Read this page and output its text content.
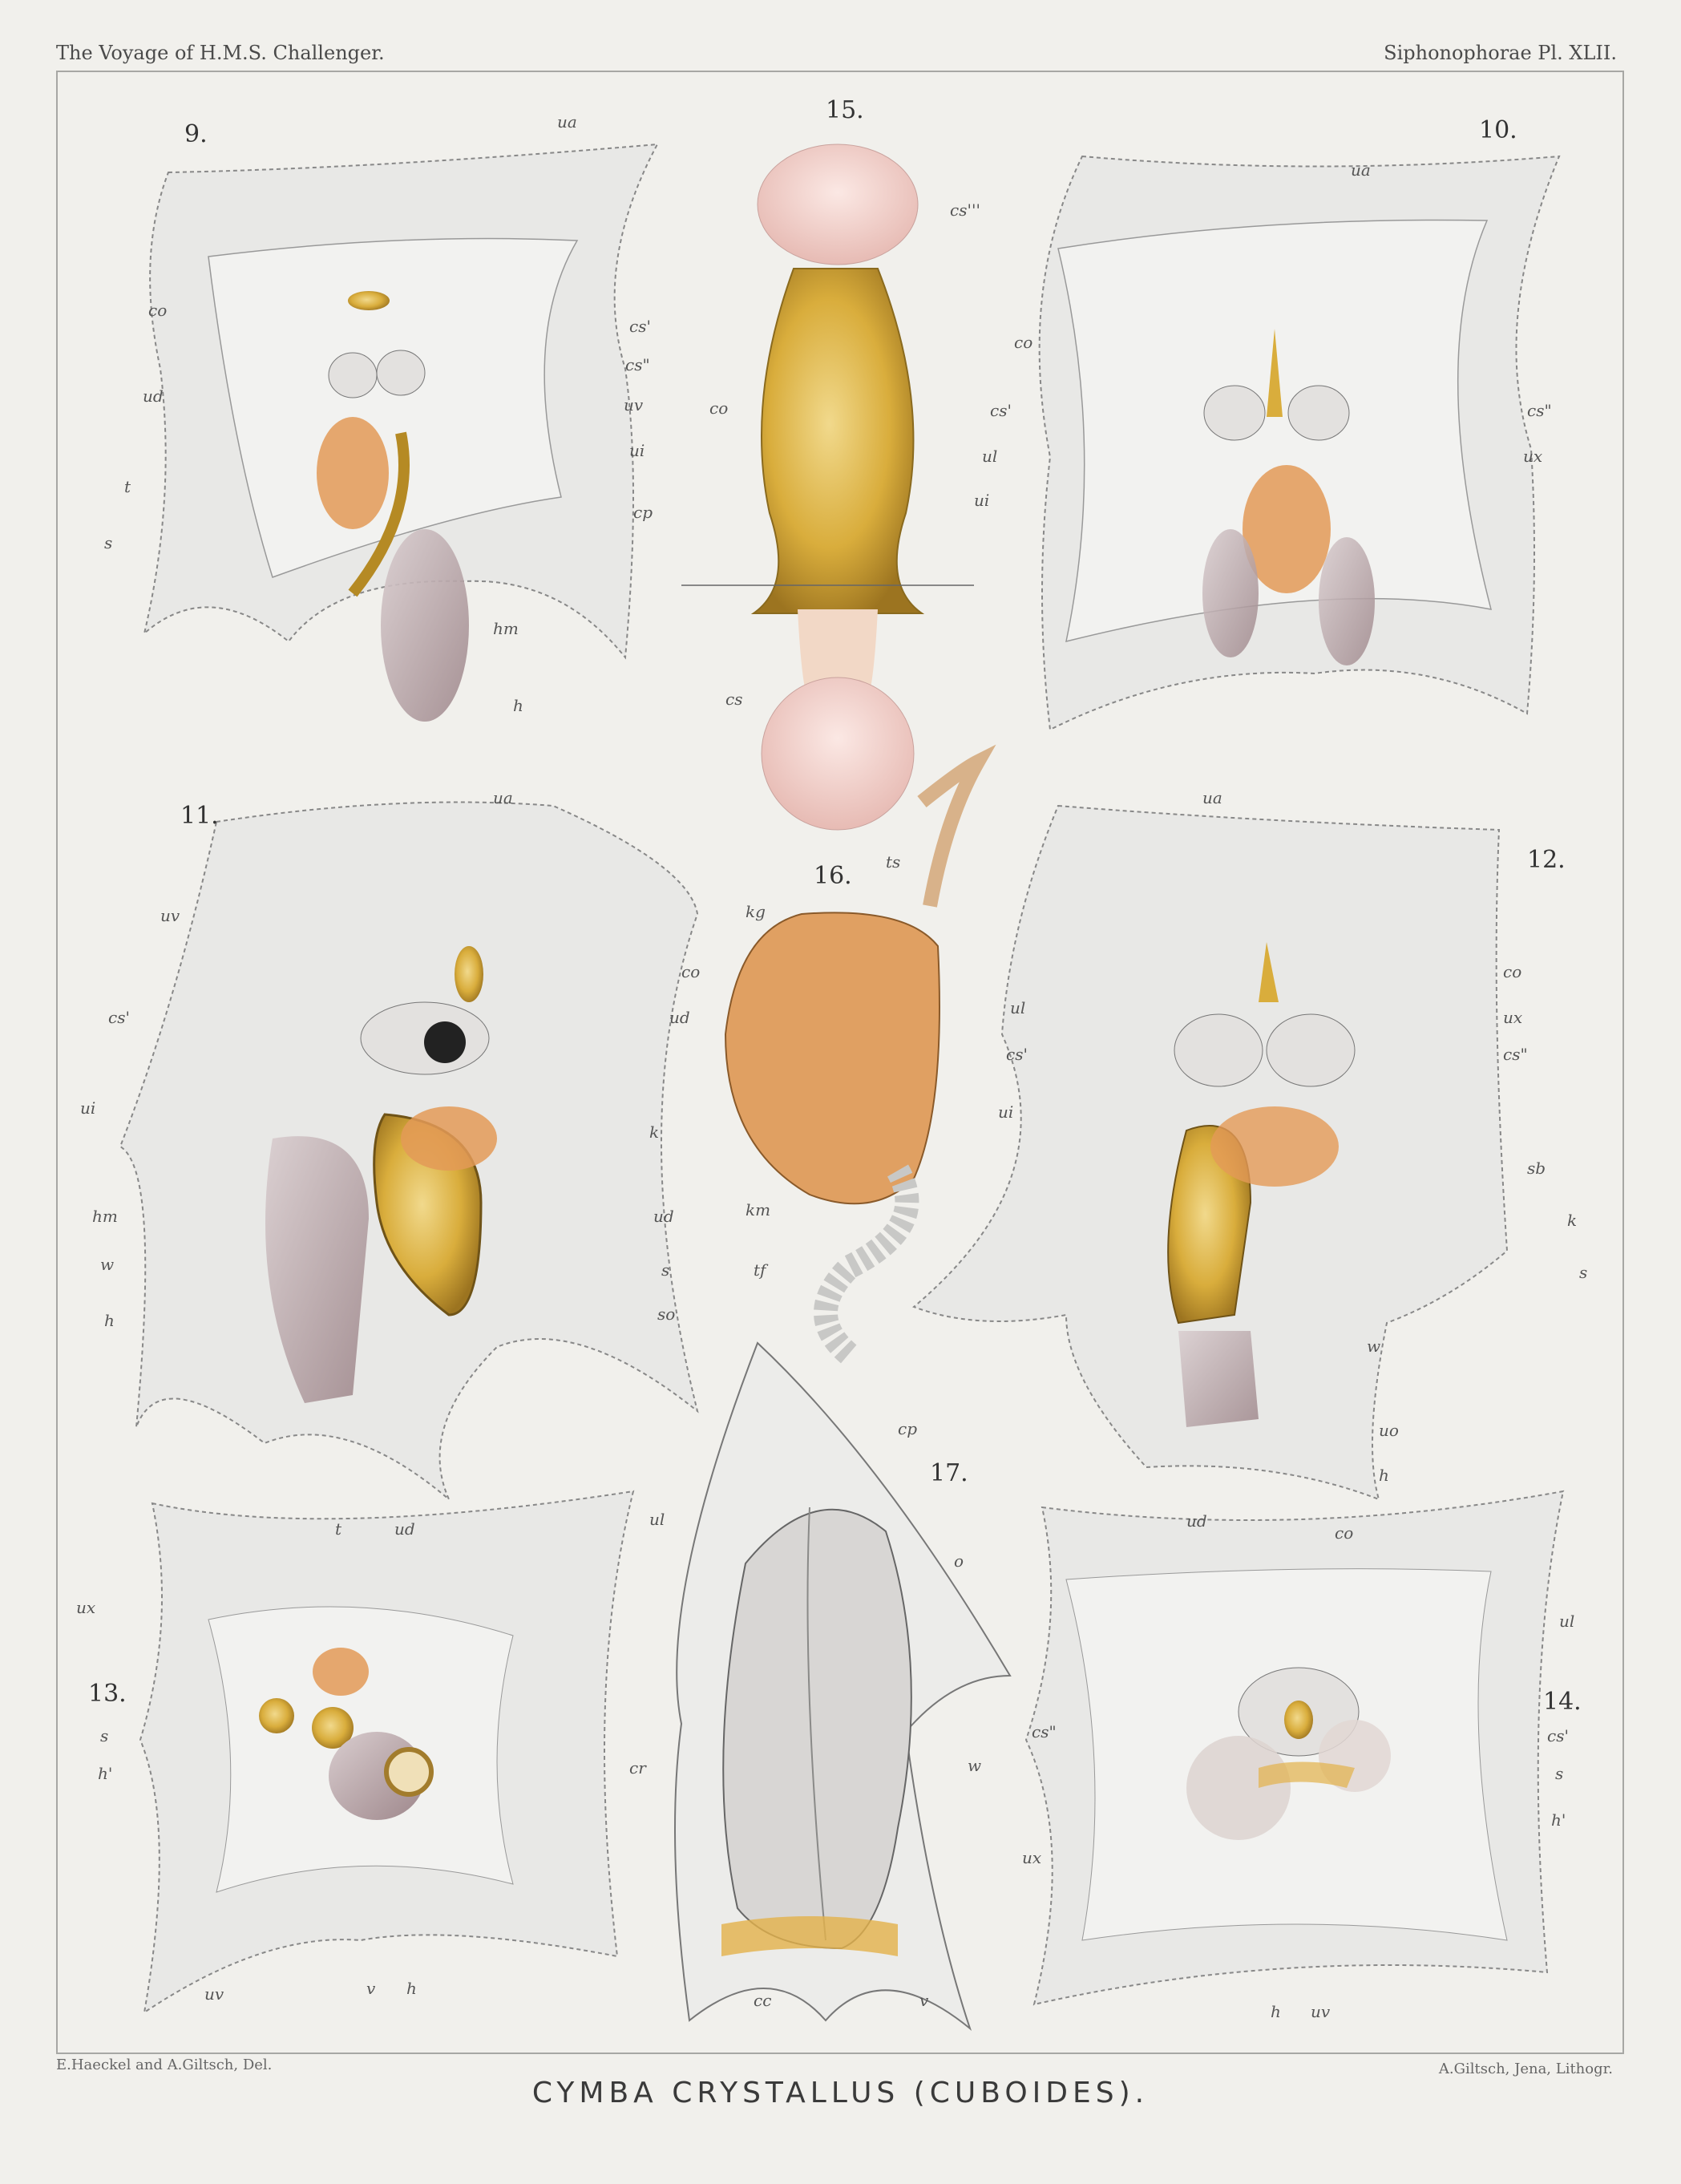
The Voyage of H.M.S. Challenger.	Siphonophorae Pl. XLII.
9.
15.
10.
11.
16.
12.
13.
17.
14.
ua
co
ud
t
s
cs'
cs"
uv
ui
cp
hm
h
cs'''
co
cs
ua
co
cs'
ul
ui
cs"
ux
ua
uv
cs'
ui
hm
w
h
co
ud
k
ud
s
so
ts
kg
km
tf
ua
ul
cs'
ui
co
ux
cs"
sb
k
s
w
uo
h
t	ud	ul
ux
s
h'
uv	v h
cp
o
w
cr
cc	v
ud
co
ul
cs"	cs'
s
h'
ux
h uv
E.Haeckel and A.Giltsch, Del.	A.Giltsch, Jena, Lithogr.
CYMBA CRYSTALLUS (CUBOIDES).
